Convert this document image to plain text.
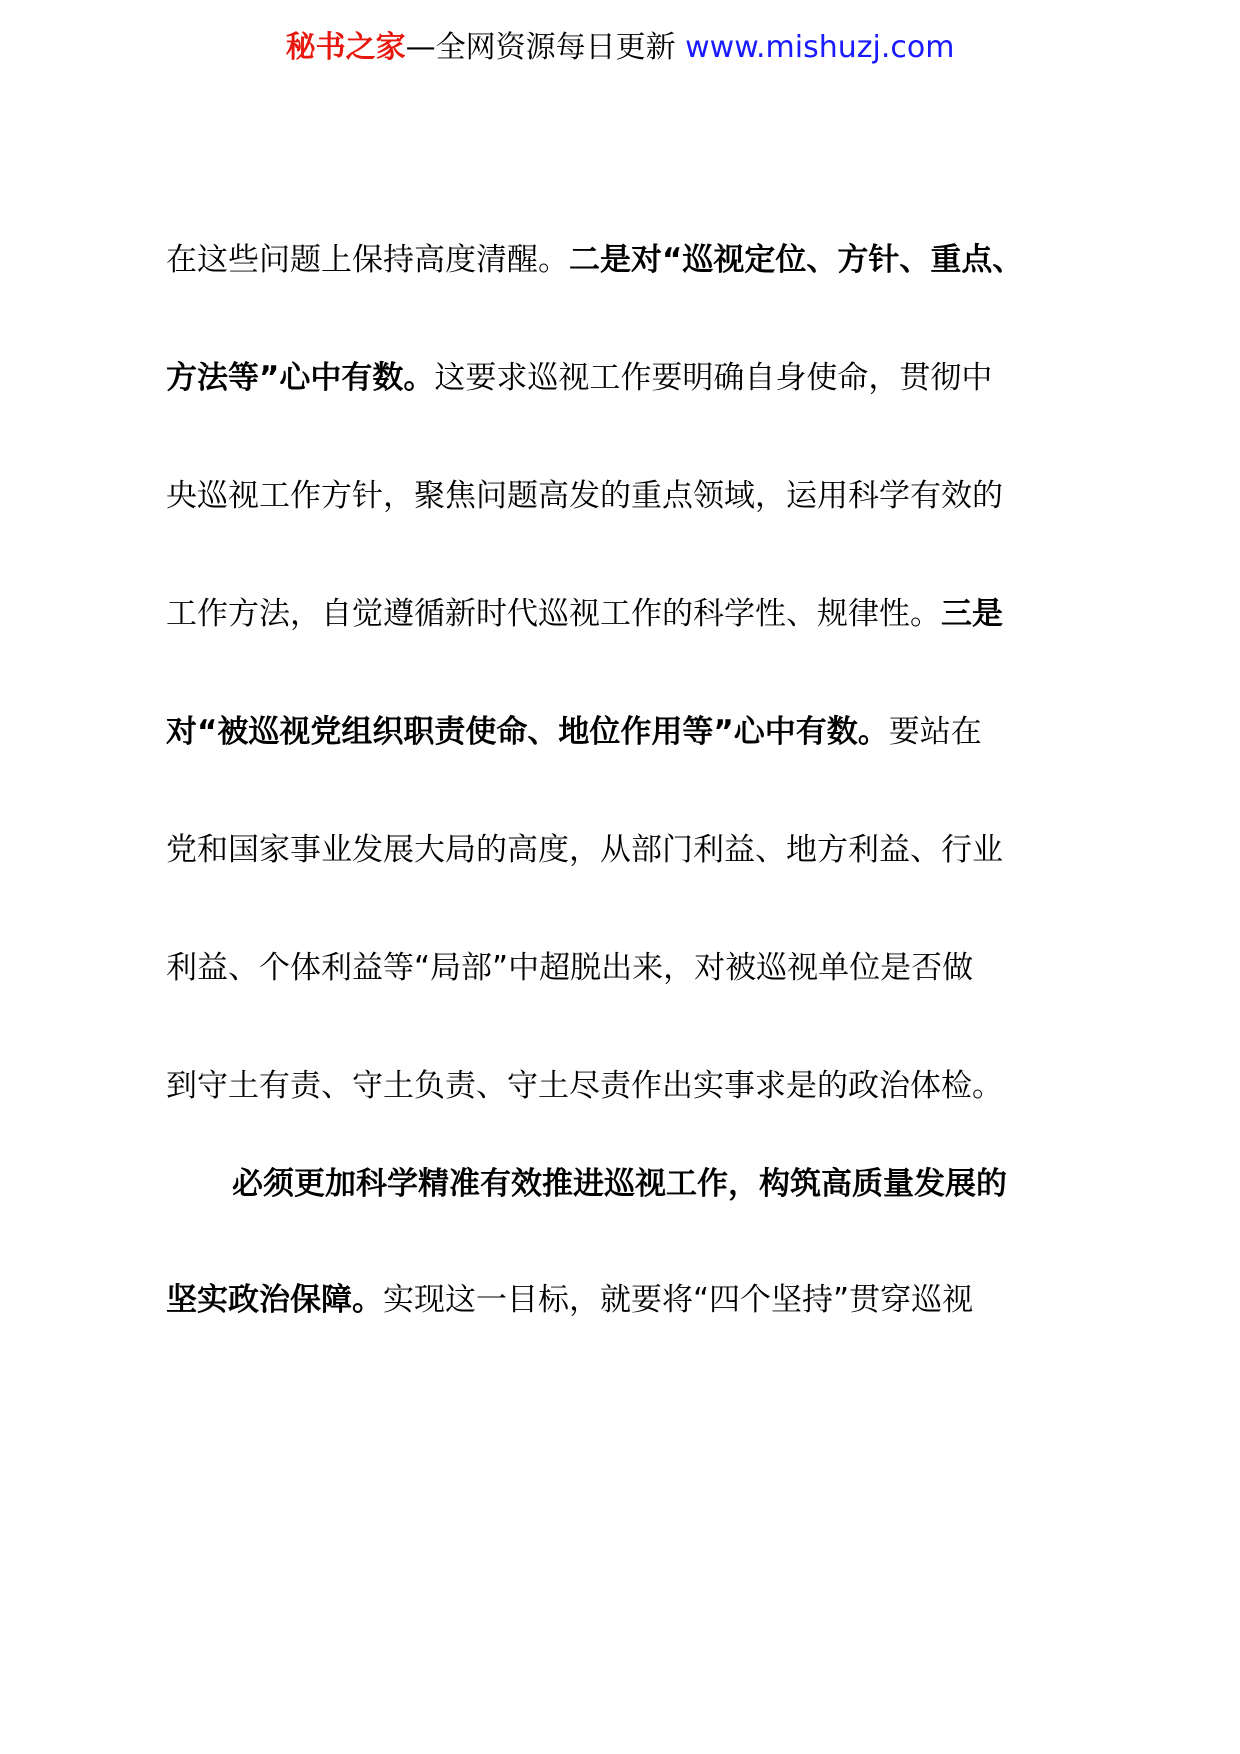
秘书之家—全网资源每日更新 www.mishuzj.com
在这些问题上保持高度清醒。二是对“巡视定位、方针、重点、
方法等”心中有数。这要求巡视工作要明确自身使命，贯彻中
央巡视工作方针，聚焦问题高发的重点领域，运用科学有效的
工作方法，自觉遵循新时代巡视工作的科学性、规律性。三是
对“被巡视党组织职责使命、地位作用等”心中有数。要站在
党和国家事业发展大局的高度，从部门利益、地方利益、行业
利益、个体利益等“局部”中超脱出来，对被巡视单位是否做
到守土有责、守土负责、守土尽责作出实事求是的政治体检。
必须更加科学精准有效推进巡视工作，构筑高质量发展的
坚实政治保障。实现这一目标，就要将“四个坚持”贯穿巡视
